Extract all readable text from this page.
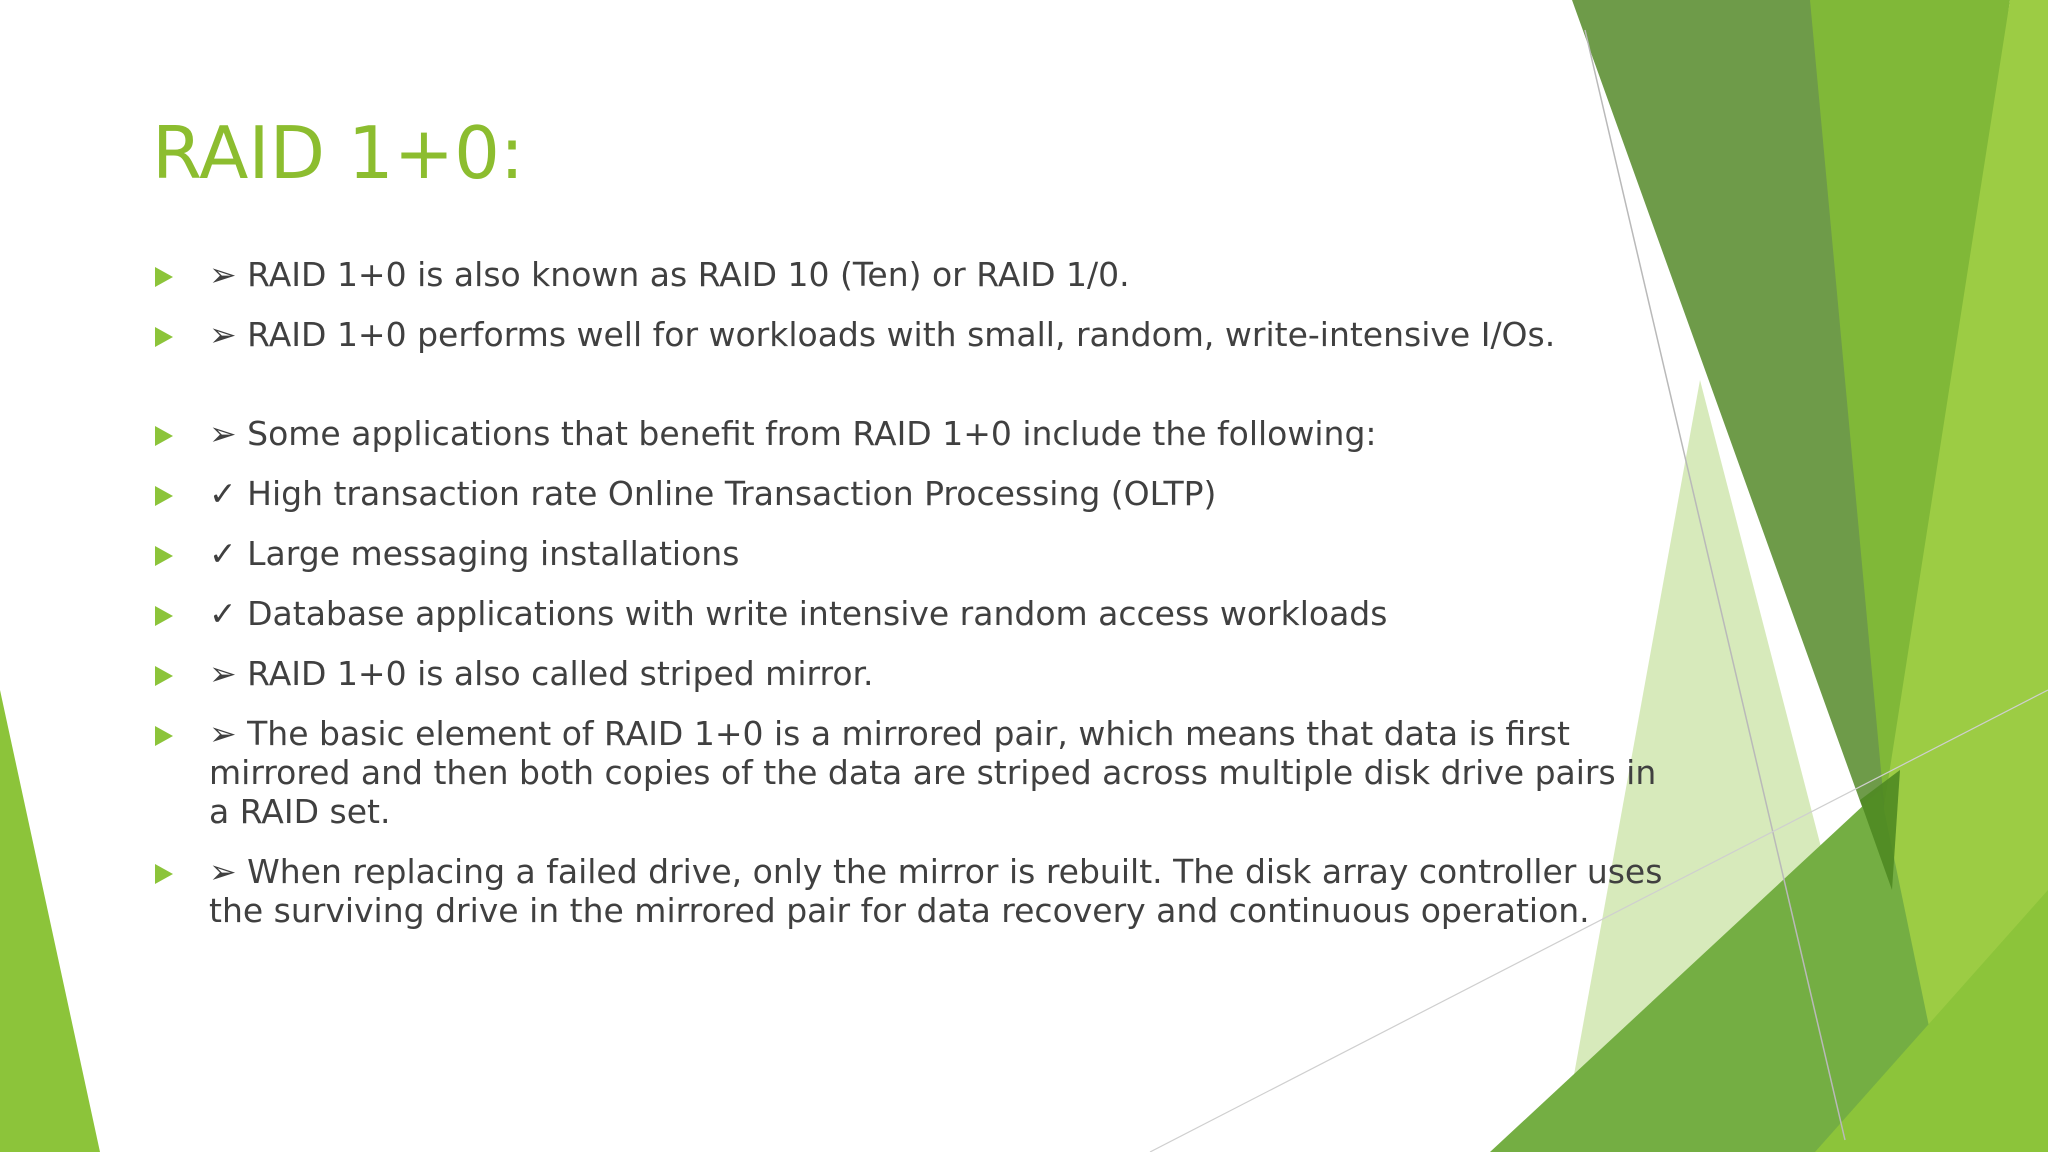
RAID 1+0:
➢ RAID 1+0 is also known as RAID 10 (Ten) or RAID 1/0.
➢ RAID 1+0 performs well for workloads with small, random, write-intensive I/Os.
➢ Some applications that benefit from RAID 1+0 include the following:
✓ High transaction rate Online Transaction Processing (OLTP)
✓ Large messaging installations
✓ Database applications with write intensive random access workloads
➢ RAID 1+0 is also called striped mirror.
➢ The basic element of RAID 1+0 is a mirrored pair, which means that data is first mirrored and then both copies of the data are striped across multiple disk drive pairs in a RAID set.
➢ When replacing a failed drive, only the mirror is rebuilt. The disk array controller uses the surviving drive in the mirrored pair for data recovery and continuous operation.
